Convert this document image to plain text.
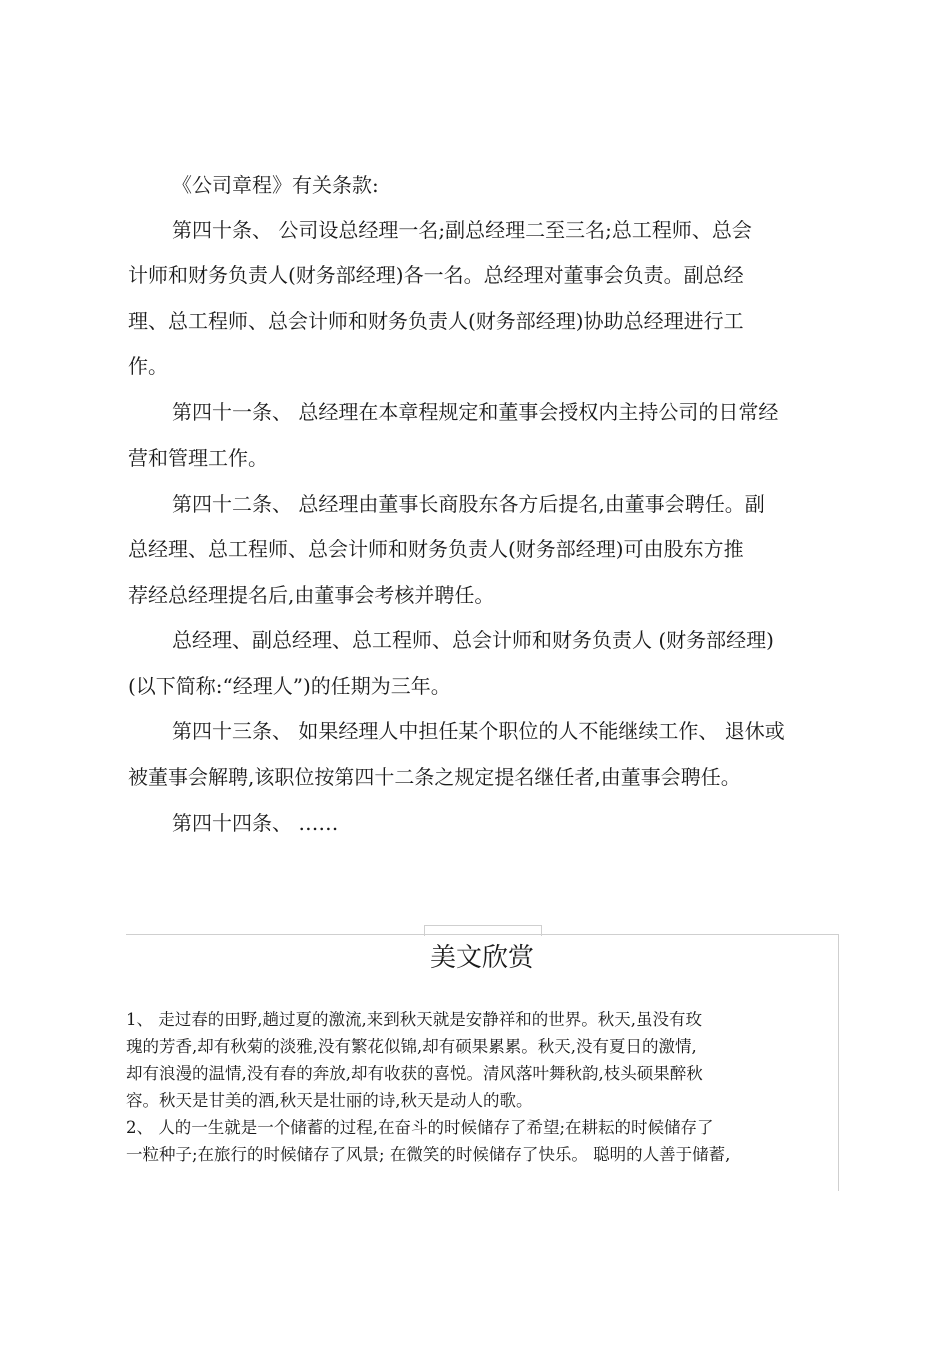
《公司章程》有关条款:
第四十条、 公司设总经理一名;副总经理二至三名;总工程师、总会
计师和财务负责人(财务部经理)各一名。总经理对董事会负责。副总经
理、总工程师、总会计师和财务负责人(财务部经理)协助总经理进行工
作。
第四十一条、 总经理在本章程规定和董事会授权内主持公司的日常经
营和管理工作。
第四十二条、 总经理由董事长商股东各方后提名,由董事会聘任。副
总经理、总工程师、总会计师和财务负责人(财务部经理)可由股东方推
荐经总经理提名后,由董事会考核并聘任。
总经理、副总经理、总工程师、总会计师和财务负责人 (财务部经理)
(以下简称:“经理人”)的任期为三年。
第四十三条、 如果经理人中担任某个职位的人不能继续工作、 退休或
被董事会解聘,该职位按第四十二条之规定提名继任者,由董事会聘任。
第四十四条、 ……
美文欣赏
1、 走过春的田野,趟过夏的激流,来到秋天就是安静祥和的世界。秋天,虽没有玫
瑰的芳香,却有秋菊的淡雅,没有繁花似锦,却有硕果累累。秋天,没有夏日的激情,
却有浪漫的温情,没有春的奔放,却有收获的喜悦。清风落叶舞秋韵,枝头硕果醉秋
容。秋天是甘美的酒,秋天是壮丽的诗,秋天是动人的歌。
2、 人的一生就是一个储蓄的过程,在奋斗的时候储存了希望;在耕耘的时候储存了
一粒种子;在旅行的时候储存了风景; 在微笑的时候储存了快乐。 聪明的人善于储蓄,
